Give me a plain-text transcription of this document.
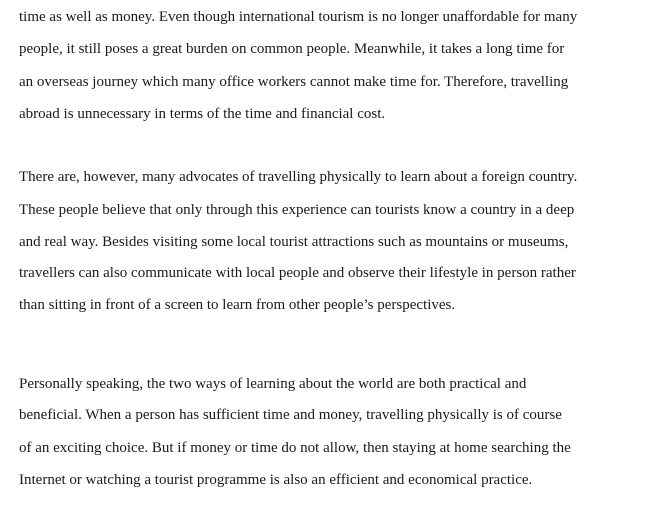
time as well as money. Even though international tourism is no longer unaffordable for many
people, it still poses a great burden on common people. Meanwhile, it takes a long time for
an overseas journey which many office workers cannot make time for. Therefore, travelling
abroad is unnecessary in terms of the time and financial cost.
There are, however, many advocates of travelling physically to learn about a foreign country.
These people believe that only through this experience can tourists know a country in a deep
and real way. Besides visiting some local tourist attractions such as mountains or museums,
travellers can also communicate with local people and observe their lifestyle in person rather
than sitting in front of a screen to learn from other people’s perspectives.
Personally speaking, the two ways of learning about the world are both practical and
beneficial. When a person has sufficient time and money, travelling physically is of course
of an exciting choice. But if money or time do not allow, then staying at home searching the
Internet or watching a tourist programme is also an efficient and economical practice.
